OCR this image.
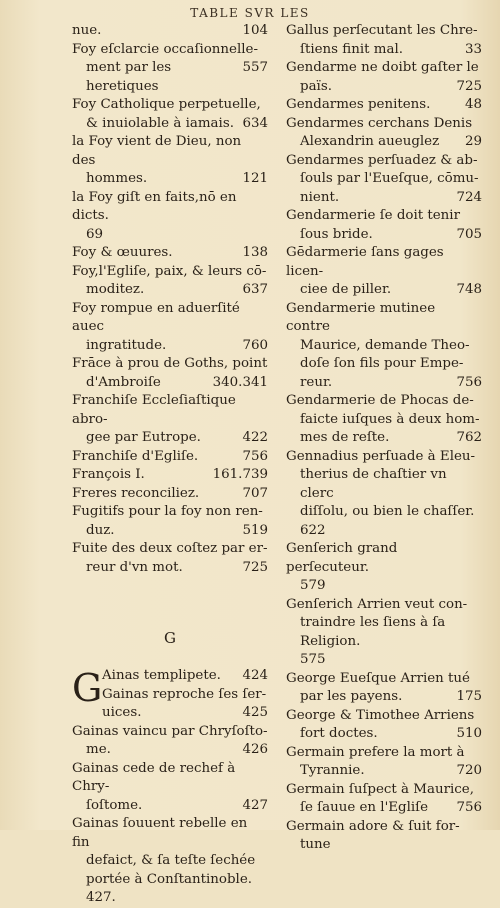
TABLE SVR LES
104
nue.
Foy eſclarcie occaſionnelle-
557
ment par les heretiques
Foy Catholique perpetuelle,
634
& inuiolable à iamais.
la Foy vient de Dieu, non des
121
hommes.
la Foy giſt en faits,nō en dicts.
69
138
Foy & œuures.
Foy,l'Egliſe, paix, & leurs cō-
637
moditez.
Foy rompue en aduerſité auec
760
ingratitude.
Frāce à prou de Goths, point
340.341
d'Ambroiſe
Franchiſe Eccleſiaſtique abro-
422
gee par Eutrope.
756
Franchiſe d'Egliſe.
161.739
François I.
707
Freres reconciliez.
Fugitifs pour la foy non ren-
519
duz.
Fuite des deux coſtez par er-
725
reur d'vn mot.
G
G	424
Ainas templipete.
Gainas reproche ſes ſer-
425
uices.
Gainas vaincu par Chryſoſto-
426
me.
Gainas cede de rechef à Chry-
427
ſoſtome.
Gainas ſouuent rebelle en fin
defaict, & ſa teſte ſechée
portée à Conſtantinoble.
427.
Gallus perſecutant les Chre-
33
ſtiens finit mal.
Gendarme ne doibt gaſter le
725
païs.
48
Gendarmes penitens.
Gendarmes cerchans Denis
29
Alexandrin aueuglez
Gendarmes perſuadez & ab-
ſouls par l'Eueſque, cōmu-
724
nient.
Gendarmerie ſe doit tenir
705
ſous bride.
Gēdarmerie ſans gages licen-
748
ciee de piller.
Gendarmerie mutinee contre
Maurice, demande Theo-
doſe ſon fils pour Empe-
756
reur.
Gendarmerie de Phocas de-
faicte iuſques à deux hom-
762
mes de reſte.
Gennadius perſuade à Eleu-
therius de chaſtier vn clerc
diſſolu, ou bien le chaſſer.
622
Genſerich grand perſecuteur.
579
Genſerich Arrien veut con-
traindre les ſiens à ſa Religion.
575
George Eueſque Arrien tué
175
par les payens.
George & Timothee Arriens
510
fort doctes.
Germain prefere la mort à
720
Tyrannie.
Germain ſuſpect à Maurice,
756
ſe ſauue en l'Egliſe
Germain adore & ſuit for-
tune
